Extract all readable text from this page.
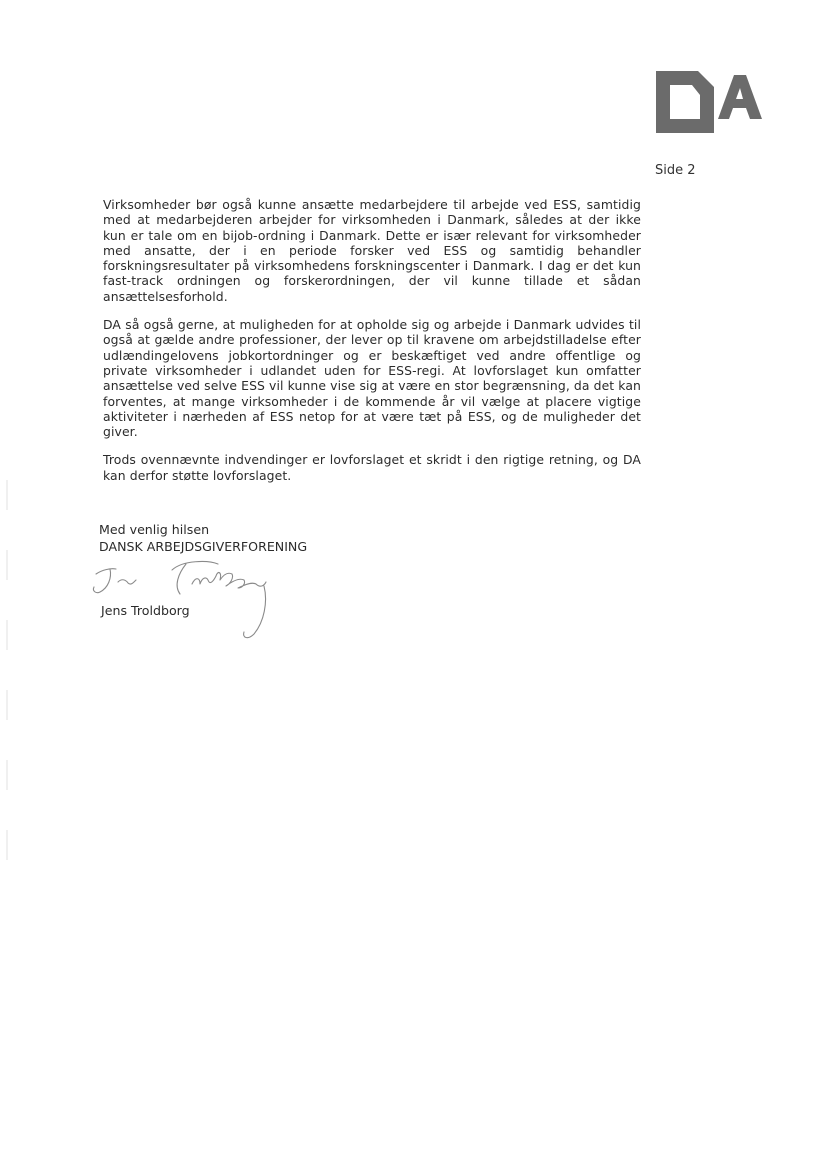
Side 2

Virksomheder bør også kunne ansætte medarbejdere til arbejde ved ESS, samtidig med at medarbejderen arbejder for virksomheden i Danmark, således at der ikke kun er tale om en bijob-ordning i Danmark. Dette er især relevant for virksomheder med ansatte, der i en periode forsker ved ESS og samtidig behandler forskningsresultater på virksomhedens forskningscenter i Danmark. I dag er det kun fast-track ordningen og forskerordningen, der vil kunne tillade et sådan ansættelsesforhold.

DA så også gerne, at muligheden for at opholde sig og arbejde i Danmark udvides til også at gælde andre professioner, der lever op til kravene om arbejdstilladelse efter udlændingelovens jobkortordninger og er beskæftiget ved andre offentlige og private virksomheder i udlandet uden for ESS-regi. At lovforslaget kun omfatter ansættelse ved selve ESS vil kunne vise sig at være en stor begrænsning, da det kan forventes, at mange virksomheder i de kommende år vil vælge at placere vigtige aktiviteter i nærheden af ESS netop for at være tæt på ESS, og de muligheder det giver.

Trods ovennævnte indvendinger er lovforslaget et skridt i den rigtige retning, og DA kan derfor støtte lovforslaget.

Med venlig hilsen
DANSK ARBEJDSGIVERFORENING
Jens Troldborg
